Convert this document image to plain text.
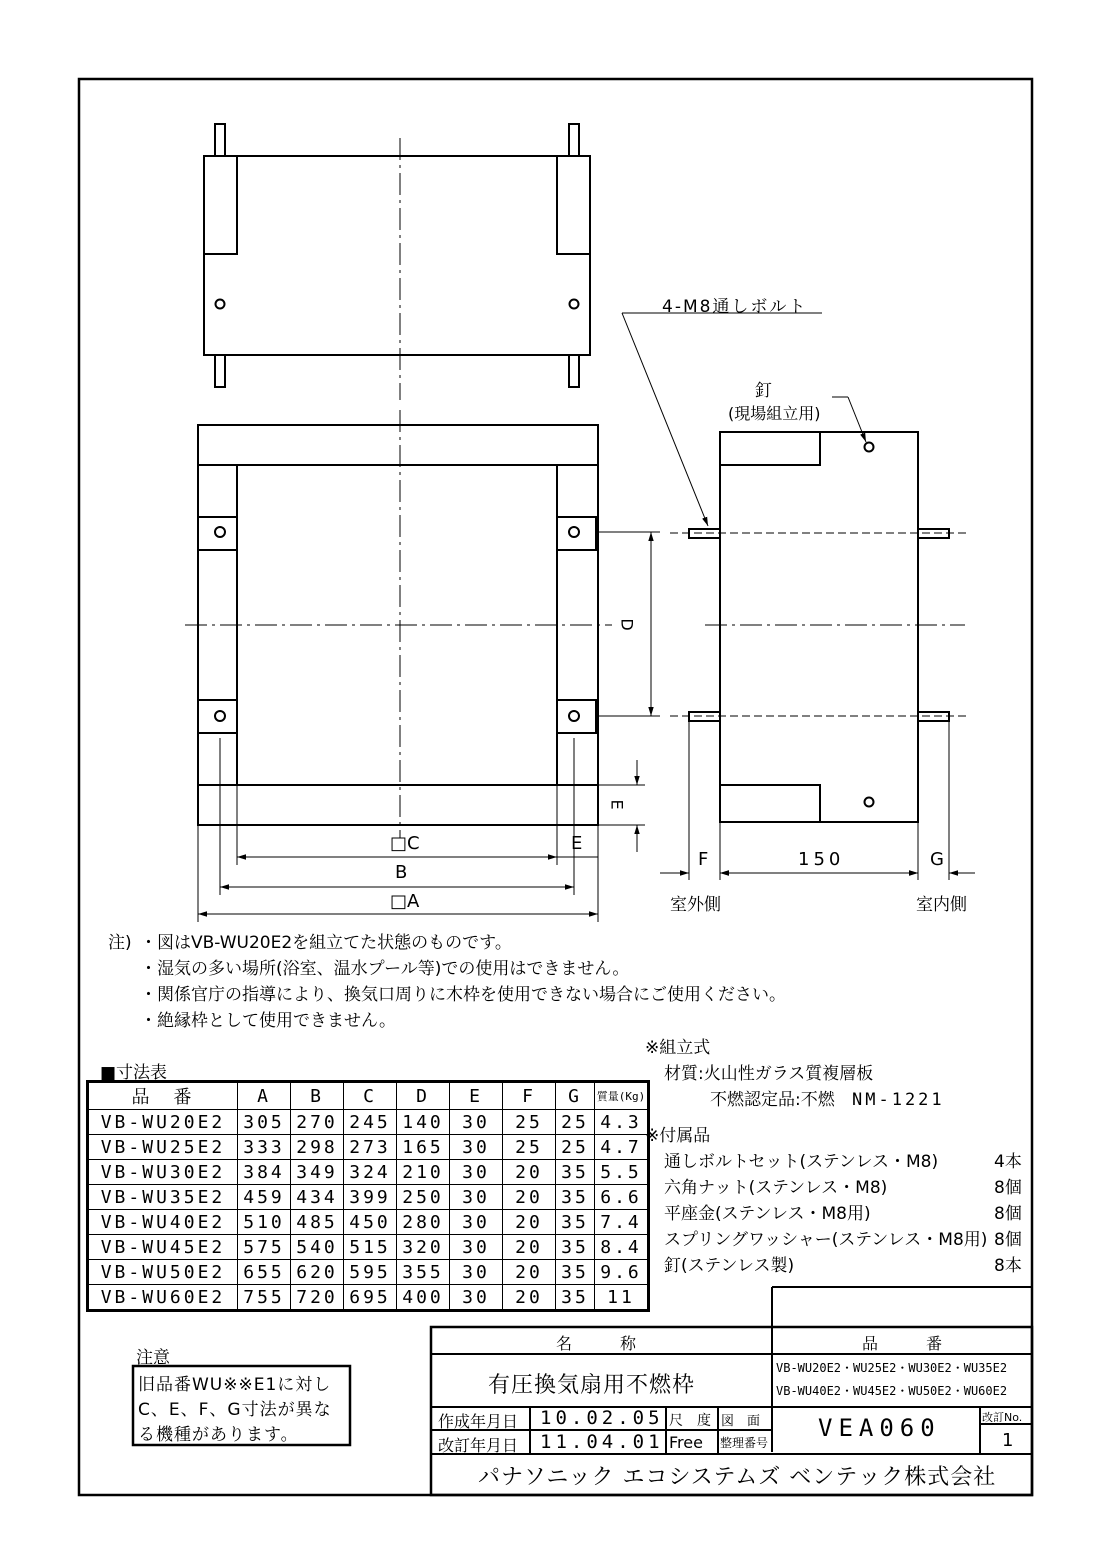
4-M8通しボルト
釘
(現場組立用)
D
E
□C	E
B
□A
F	150	G
室外側	室内側
注) ・図はVB-WU20E2を組立てた状態のものです。
・湿気の多い場所(浴室、温水プール等)での使用はできません。
・関係官庁の指導により、換気口周りに木枠を使用できない場合にご使用ください。
・絶縁枠として使用できません。
※組立式
材質:火山性ガラス質複層板
不燃認定品:不燃 NM-1221
※付属品
通しボルトセット(ステンレス・M8)	4本
六角ナット(ステンレス・M8)	8個
平座金(ステンレス・M8用)	8個
スプリングワッシャー(ステンレス・M8用) 8個
釘(ステンレス製)	8本
■寸法表
品　番	A	B	C	D	E	F	G	質量(Kg)
VB-WU20E2	305	270	245	140	30	25	25	4.3
VB-WU25E2	333	298	273	165	30	25	25	4.7
VB-WU30E2	384	349	324	210	30	20	35	5.5
VB-WU35E2	459	434	399	250	30	20	35	6.6
VB-WU40E2	510	485	450	280	30	20	35	7.4
VB-WU45E2	575	540	515	320	30	20	35	8.4
VB-WU50E2	655	620	595	355	30	20	35	9.6
VB-WU60E2	755	720	695	400	30	20	35	11
注意
旧品番WU※※E1に対し
C、E、F、G寸法が異な
る機種があります。
名　　　称	品　　　番
有圧換気扇用不燃枠
VB-WU20E2・WU25E2・WU30E2・WU35E2
VB-WU40E2・WU45E2・WU50E2・WU60E2
作成年月日 10.02.05
改訂年月日 11.04.01
尺　度
Free
図　面
整理番号
VEA060	改訂No.
1
パナソニック エコシステムズ ベンテック株式会社
